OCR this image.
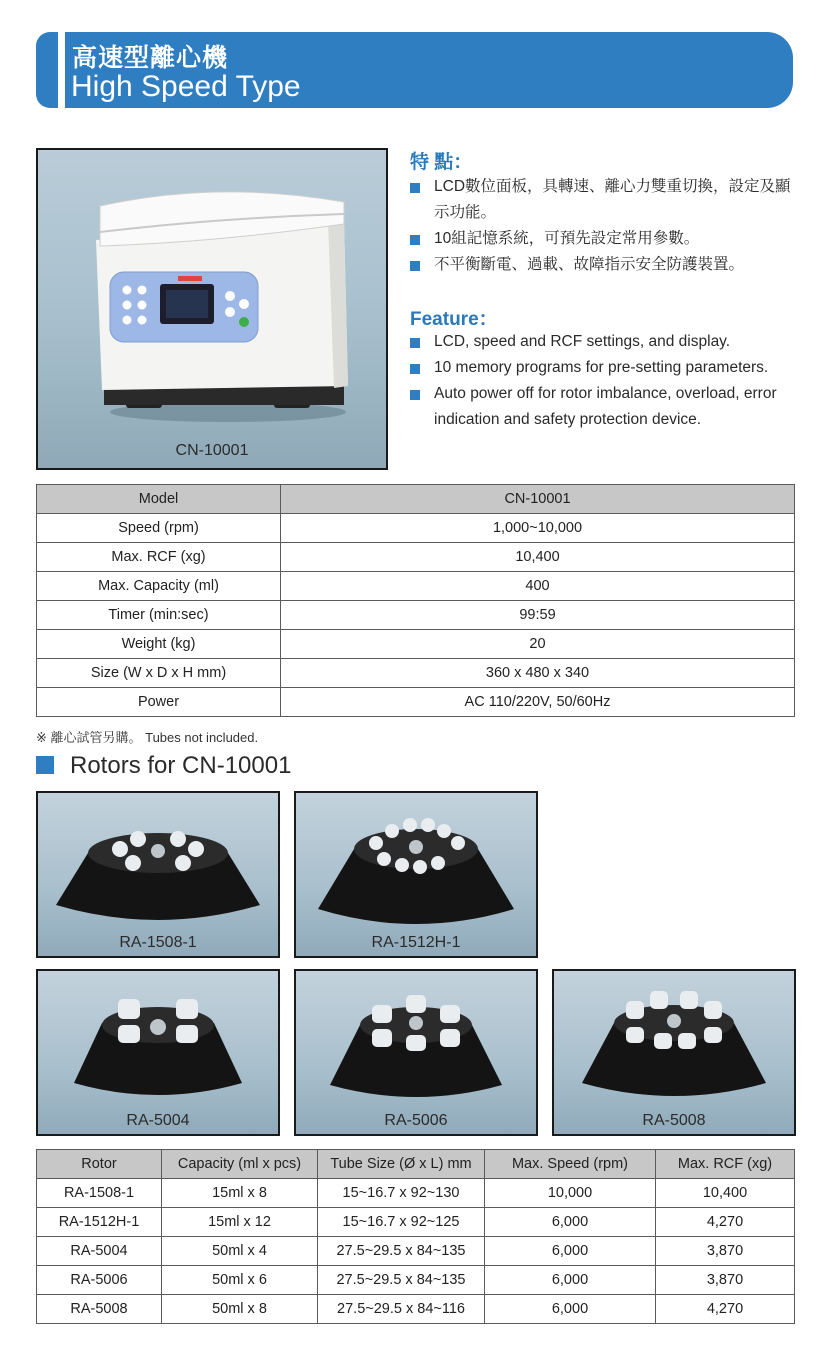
高速型離心機
High Speed Type
CN-10001
特 點：
LCD數位面板，具轉速、離心力雙重切換，設定及顯示功能。
10組記憶系統，可預先設定常用參數。
不平衡斷電、過載、故障指示安全防護裝置。
Feature：
LCD, speed and RCF settings, and display.
10 memory programs for pre-setting parameters.
Auto power off for rotor imbalance, overload, error indication and safety protection device.
Model	CN-10001
Speed (rpm)	1,000~10,000
Max. RCF (xg)	10,400
Max. Capacity (ml)	400
Timer (min:sec)	99:59
Weight (kg)	20
Size (W x D x H mm)	360 x 480 x 340
Power	AC 110/220V, 50/60Hz
※ 離心試管另購。 Tubes not included.
Rotors for CN-10001
RA-1508-1	RA-1512H-1
RA-5004	RA-5006	RA-5008
Rotor	Capacity (ml x pcs)	Tube Size (Ø x L) mm	Max. Speed (rpm)	Max. RCF (xg)
RA-1508-1	15ml x 8	15~16.7 x 92~130	10,000	10,400
RA-1512H-1	15ml x 12	15~16.7 x 92~125	6,000	4,270
RA-5004	50ml x 4	27.5~29.5 x 84~135	6,000	3,870
RA-5006	50ml x 6	27.5~29.5 x 84~135	6,000	3,870
RA-5008	50ml x 8	27.5~29.5 x 84~116	6,000	4,270
